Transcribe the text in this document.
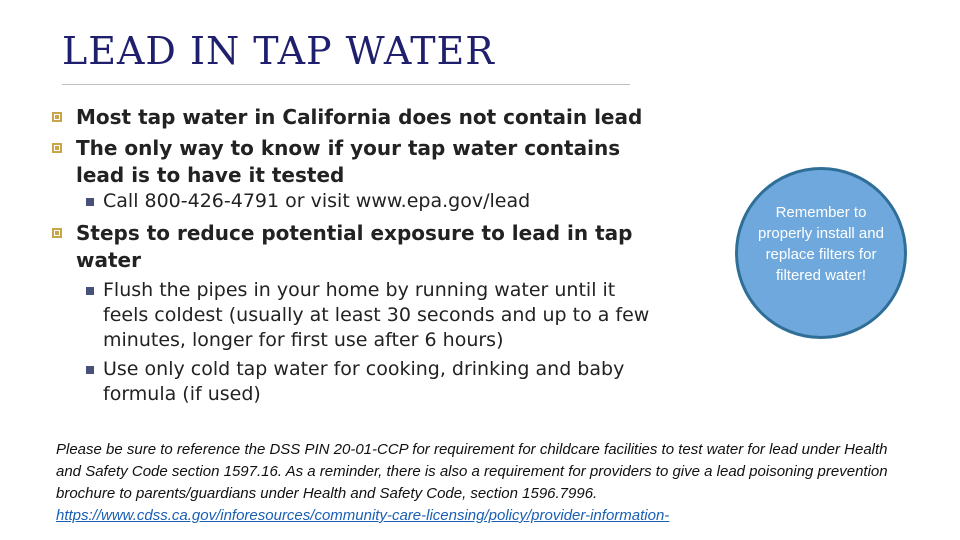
LEAD IN TAP WATER
Most tap water in California does not contain lead
The only way to know if your tap water contains lead is to have it tested
Call 800-426-4791 or visit www.epa.gov/lead
Steps to reduce potential exposure to lead in tap water
Flush the pipes in your home by running water until it feels coldest (usually at least 30 seconds and up to a few minutes, longer for first use after 6 hours)
Use only cold tap water for cooking, drinking and baby formula (if used)
Remember to properly install and replace filters for filtered water!
Please be sure to reference the DSS PIN 20-01-CCP for requirement for childcare facilities to test water for lead under Health and Safety Code section 1597.16. As a reminder, there is also a requirement for providers to give a lead poisoning prevention brochure to parents/guardians under Health and Safety Code, section 1596.7996.
https://www.cdss.ca.gov/inforesources/community-care-licensing/policy/provider-information-
